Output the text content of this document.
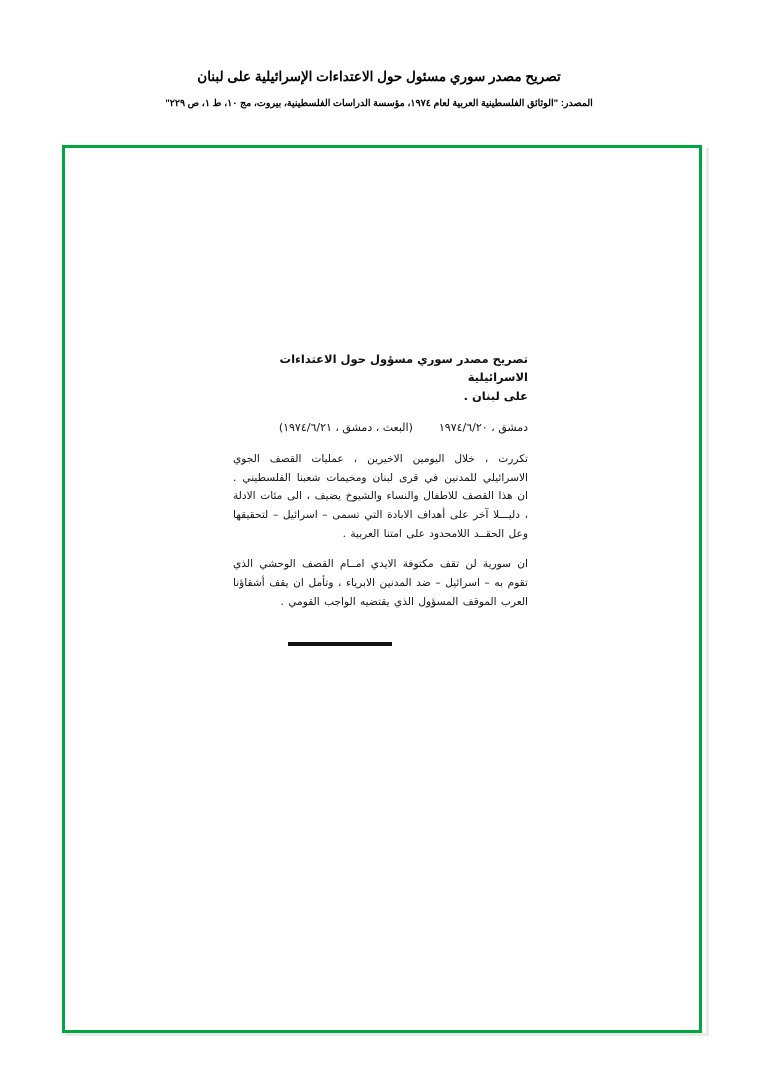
تصريح مصدر سوري مسئول حول الاعتداءات الإسرائيلية على لبنان
المصدر: "الوثائق الفلسطينية العربية لعام ١٩٧٤، مؤسسة الدراسات الفلسطينية، بيروت، مج ١٠، ط ١، ص ٢٢٩"
تصريح مصدر سوري مسؤول حول الاعتداءات الاسرائيلية
على لبنان .
دمشق ، ١٩٧٤/٦/٢٠
(البعث ، دمشق ، ١٩٧٤/٦/٢١)

تكررت ، خلال اليومين الاخيرين ، عمليات القصف الجوي الاسرائيلي للمدنين في قرى لبنان ومخيمات شعبنا الفلسطيني . ان هذا القصف للاطفال والنساء والشيوخ يضيف ، الى مئات الادلة ، دليـــلا آخر على أهداف الابادة التي تسمى – اسرائيل – لتحقيقها وعل الحقــد اللامحدود على امتنا العربية .

ان سورية لن تقف مكتوفة الايدي امــام القصف الوحشي الذي تقوم به – اسرائيل – ضد المدنين الابرياء ، وتأمل ان يقف أشقاؤنا العرب الموقف المسؤول الذي يقتضيه الواجب القومي .
